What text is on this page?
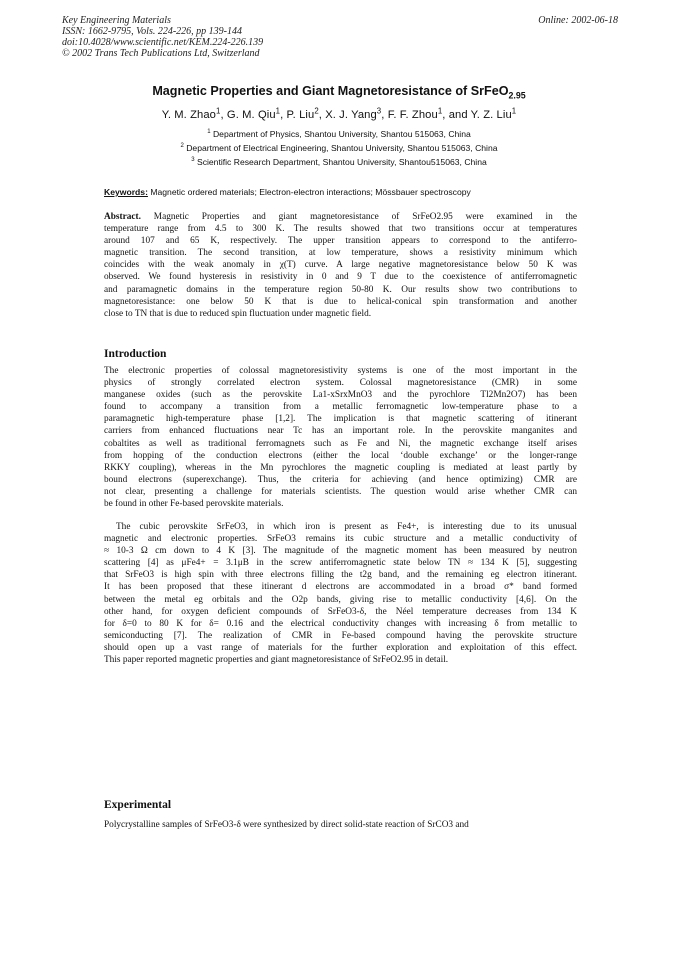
Key Engineering Materials
ISSN: 1662-9795, Vols. 224-226, pp 139-144
doi:10.4028/www.scientific.net/KEM.224-226.139
© 2002 Trans Tech Publications Ltd, Switzerland
Online: 2002-06-18
Magnetic Properties and Giant Magnetoresistance of SrFeO$_{2.95}$
Y. M. Zhao$^1$, G. M. Qiu$^1$, P. Liu$^2$, X. J. Yang$^3$, F. F. Zhou$^1$, and Y. Z. Liu$^1$
$^1$ Department of Physics, Shantou University, Shantou 515063, China
$^2$ Department of Electrical Engineering, Shantou University, Shantou 515063, China
$^3$ Scientific Research Department, Shantou University, Shantou515063, China
Keywords: Magnetic ordered materials; Electron-electron interactions; Mössbauer spectroscopy
Abstract. Magnetic Properties and giant magnetoresistance of SrFeO2.95 were examined in the
temperature range from 4.5 to 300 K. The results showed that two transitions occur at temperatures
around 107 and 65 K, respectively. The upper transition appears to correspond to the antiferro-
magnetic transition. The second transition, at low temperature, shows a resistivity minimum which
coincides with the weak anomaly in χ(T) curve. A large negative magnetoresistance below 50 K was
observed. We found hysteresis in resistivity in 0 and 9 T due to the coexistence of antiferromagnetic
and paramagnetic domains in the temperature region 50-80 K. Our results show two contributions to
magnetoresistance: one below 50 K that is due to helical-conical spin transformation and another
close to TN that is due to reduced spin fluctuation under magnetic field.
Introduction
The electronic properties of colossal magnetoresistivity systems is one of the most important in the
physics of strongly correlated electron system. Colossal magnetoresistance (CMR) in some
manganese oxides (such as the perovskite La1-xSrxMnO3 and the pyrochlore Tl2Mn2O7) has been
found to accompany a transition from a metallic ferromagnetic low-temperature phase to a
paramagnetic high-temperature phase [1,2]. The implication is that magnetic scattering of itinerant
carriers from enhanced fluctuations near Tc has an important role. In the perovskite manganites and
cobaltites as well as traditional ferromagnets such as Fe and Ni, the magnetic exchange itself arises
from hopping of the conduction electrons (either the local ‘double exchange’ or the longer-range
RKKY coupling), whereas in the Mn pyrochlores the magnetic coupling is mediated at least partly by
bound electrons (superexchange). Thus, the criteria for achieving (and hence optimizing) CMR are
not clear, presenting a challenge for materials scientists. The question would arise whether CMR can
be found in other Fe-based perovskite materials.
The cubic perovskite SrFeO3, in which iron is present as Fe4+, is interesting due to its unusual
magnetic and electronic properties. SrFeO3 remains its cubic structure and a metallic conductivity of
≈ 10-3 Ω cm down to 4 K [3]. The magnitude of the magnetic moment has been measured by neutron
scattering [4] as μFe4+ = 3.1μB in the screw antiferromagnetic state below TN ≈ 134 K [5], suggesting
that SrFeO3 is high spin with three electrons filling the t2g band, and the remaining eg electron itinerant.
It has been proposed that these itinerant d electrons are accommodated in a broad σ* band formed
between the metal eg orbitals and the O2p bands, giving rise to metallic conductivity [4,6]. On the
other hand, for oxygen deficient compounds of SrFeO3-δ, the Néel temperature decreases from 134 K
for δ=0 to 80 K for δ= 0.16 and the electrical conductivity changes with increasing δ from metallic to
semiconducting [7]. The realization of CMR in Fe-based compound having the perovskite structure
should open up a vast range of materials for the further exploration and exploitation of this effect.
This paper reported magnetic properties and giant magnetoresistance of SrFeO2.95 in detail.
Experimental
Polycrystalline samples of SrFeO3-δ were synthesized by direct solid-state reaction of SrCO3 and
